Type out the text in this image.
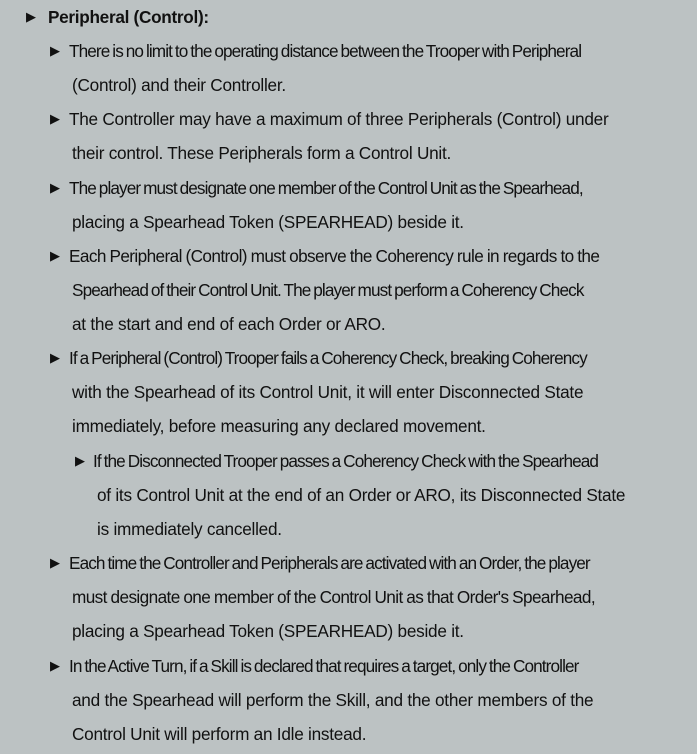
▶ Peripheral (Control):
▶ There is no limit to the operating distance between the Trooper with Peripheral
(Control) and their Controller.
▶ The Controller may have a maximum of three Peripherals (Control) under
their control. These Peripherals form a Control Unit.
▶ The player must designate one member of the Control Unit as the Spearhead,
placing a Spearhead Token (SPEARHEAD) beside it.
▶ Each Peripheral (Control) must observe the Coherency rule in regards to the
Spearhead of their Control Unit. The player must perform a Coherency Check
at the start and end of each Order or ARO.
▶ If a Peripheral (Control) Trooper fails a Coherency Check, breaking Coherency
with the Spearhead of its Control Unit, it will enter Disconnected State
immediately, before measuring any declared movement.
▶ If the Disconnected Trooper passes a Coherency Check with the Spearhead
of its Control Unit at the end of an Order or ARO, its Disconnected State
is immediately cancelled.
▶ Each time the Controller and Peripherals are activated with an Order, the player
must designate one member of the Control Unit as that Order's Spearhead,
placing a Spearhead Token (SPEARHEAD) beside it.
▶ In the Active Turn, if a Skill is declared that requires a target, only the Controller
and the Spearhead will perform the Skill, and the other members of the
Control Unit will perform an Idle instead.
